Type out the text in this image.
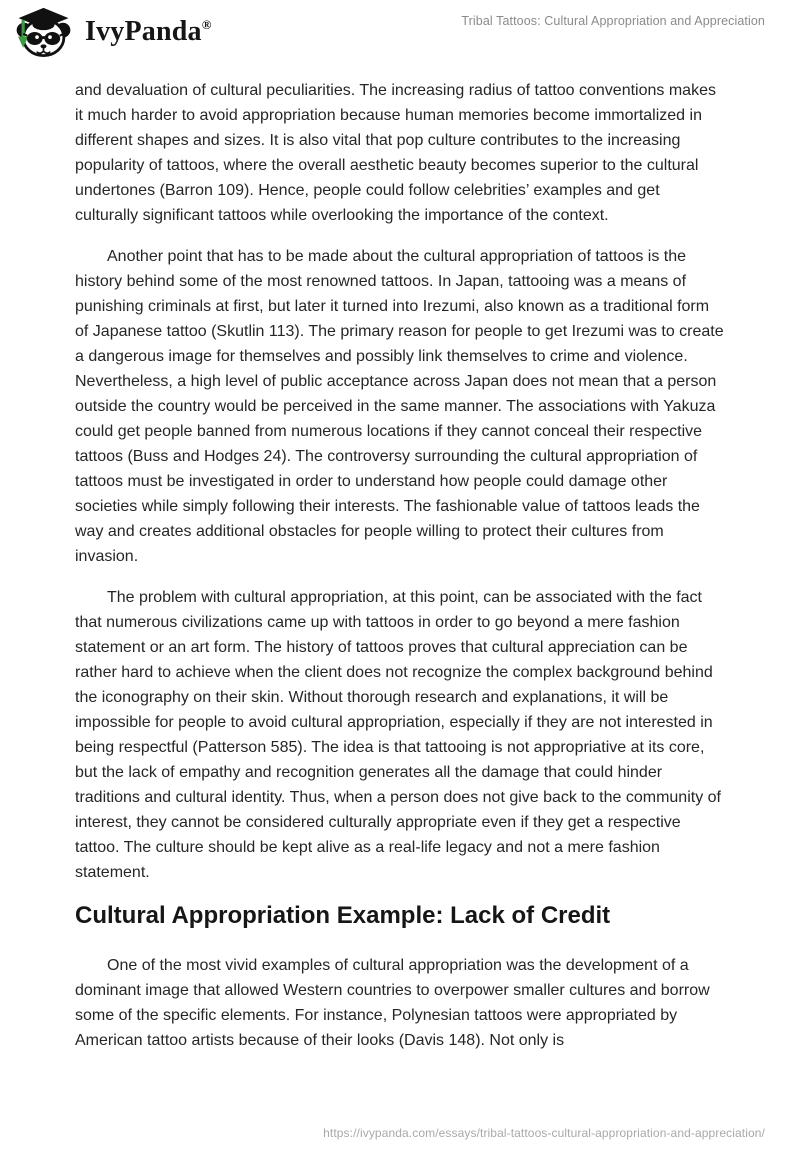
IvyPanda®	Tribal Tattoos: Cultural Appropriation and Appreciation

and devaluation of cultural peculiarities. The increasing radius of tattoo conventions makes it much harder to avoid appropriation because human memories become immortalized in different shapes and sizes. It is also vital that pop culture contributes to the increasing popularity of tattoos, where the overall aesthetic beauty becomes superior to the cultural undertones (Barron 109). Hence, people could follow celebrities’ examples and get culturally significant tattoos while overlooking the importance of the context.

Another point that has to be made about the cultural appropriation of tattoos is the history behind some of the most renowned tattoos. In Japan, tattooing was a means of punishing criminals at first, but later it turned into Irezumi, also known as a traditional form of Japanese tattoo (Skutlin 113). The primary reason for people to get Irezumi was to create a dangerous image for themselves and possibly link themselves to crime and violence. Nevertheless, a high level of public acceptance across Japan does not mean that a person outside the country would be perceived in the same manner. The associations with Yakuza could get people banned from numerous locations if they cannot conceal their respective tattoos (Buss and Hodges 24). The controversy surrounding the cultural appropriation of tattoos must be investigated in order to understand how people could damage other societies while simply following their interests. The fashionable value of tattoos leads the way and creates additional obstacles for people willing to protect their cultures from invasion.

The problem with cultural appropriation, at this point, can be associated with the fact that numerous civilizations came up with tattoos in order to go beyond a mere fashion statement or an art form. The history of tattoos proves that cultural appreciation can be rather hard to achieve when the client does not recognize the complex background behind the iconography on their skin. Without thorough research and explanations, it will be impossible for people to avoid cultural appropriation, especially if they are not interested in being respectful (Patterson 585). The idea is that tattooing is not appropriative at its core, but the lack of empathy and recognition generates all the damage that could hinder traditions and cultural identity. Thus, when a person does not give back to the community of interest, they cannot be considered culturally appropriate even if they get a respective tattoo. The culture should be kept alive as a real-life legacy and not a mere fashion statement.

Cultural Appropriation Example: Lack of Credit

One of the most vivid examples of cultural appropriation was the development of a dominant image that allowed Western countries to overpower smaller cultures and borrow some of the specific elements. For instance, Polynesian tattoos were appropriated by American tattoo artists because of their looks (Davis 148). Not only is

https://ivypanda.com/essays/tribal-tattoos-cultural-appropriation-and-appreciation/
